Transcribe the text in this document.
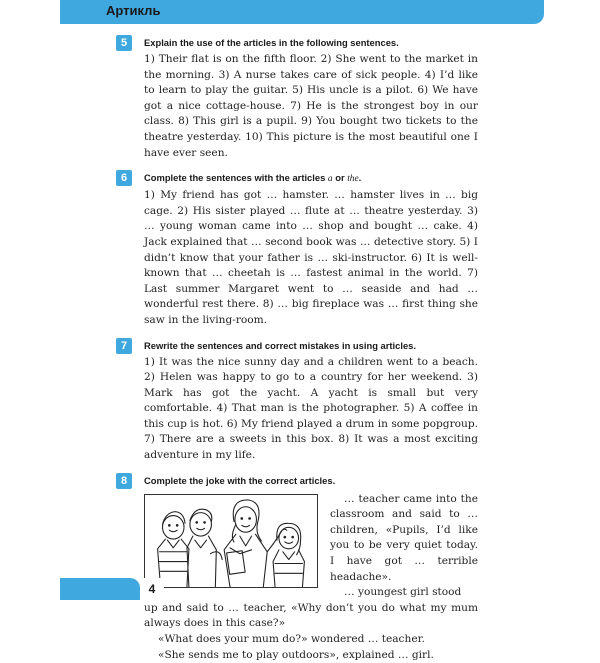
Артикль
5	Explain the use of the articles in the following sentences.

1) Their flat is on the fifth floor. 2) She went to the market in the morning. 3) A nurse takes care of sick people. 4) I’d like to learn to play the guitar. 5) His uncle is a pilot. 6) We have got a nice cottage-house. 7) He is the strongest boy in our class. 8) This girl is a pupil. 9) You bought two tickets to the theatre yesterday. 10) This picture is the most beautiful one I have ever seen.

6	Complete the sentences with the articles a or the.

1) My friend has got … hamster. … hamster lives in … big cage. 2) His sister played … flute at … theatre yesterday. 3) … young woman came into … shop and bought … cake. 4) Jack explained that … second book was … detective story. 5) I didn’t know that your father is … ski-instructor. 6) It is well-known that … cheetah is … fastest animal in the world. 7) Last summer Margaret went to … seaside and had … wonderful rest there. 8) … big fireplace was … first thing she saw in the living-room.

7	Rewrite the sentences and correct mistakes in using articles.

1) It was the nice sunny day and a children went to a beach. 2) Helen was happy to go to a country for her weekend. 3) Mark has got the yacht. A yacht is small but very comfortable. 4) That man is the photographer. 5) A coffee in this cup is hot. 6) My friend played a drum in some popgroup. 7) There are a sweets in this box. 8) It was a most exciting adventure in my life.

8	Complete the joke with the correct articles.

… teacher came into the classroom and said to … children, «Pupils, I’d like you to be very quiet today. I have got … terrible headache».

… youngest girl stood

up and said to … teacher, «Why don’t you do what my mum always does in this case?»

«What does your mum do?» wondered … teacher.

«She sends me to play outdoors», explained … girl.

4
